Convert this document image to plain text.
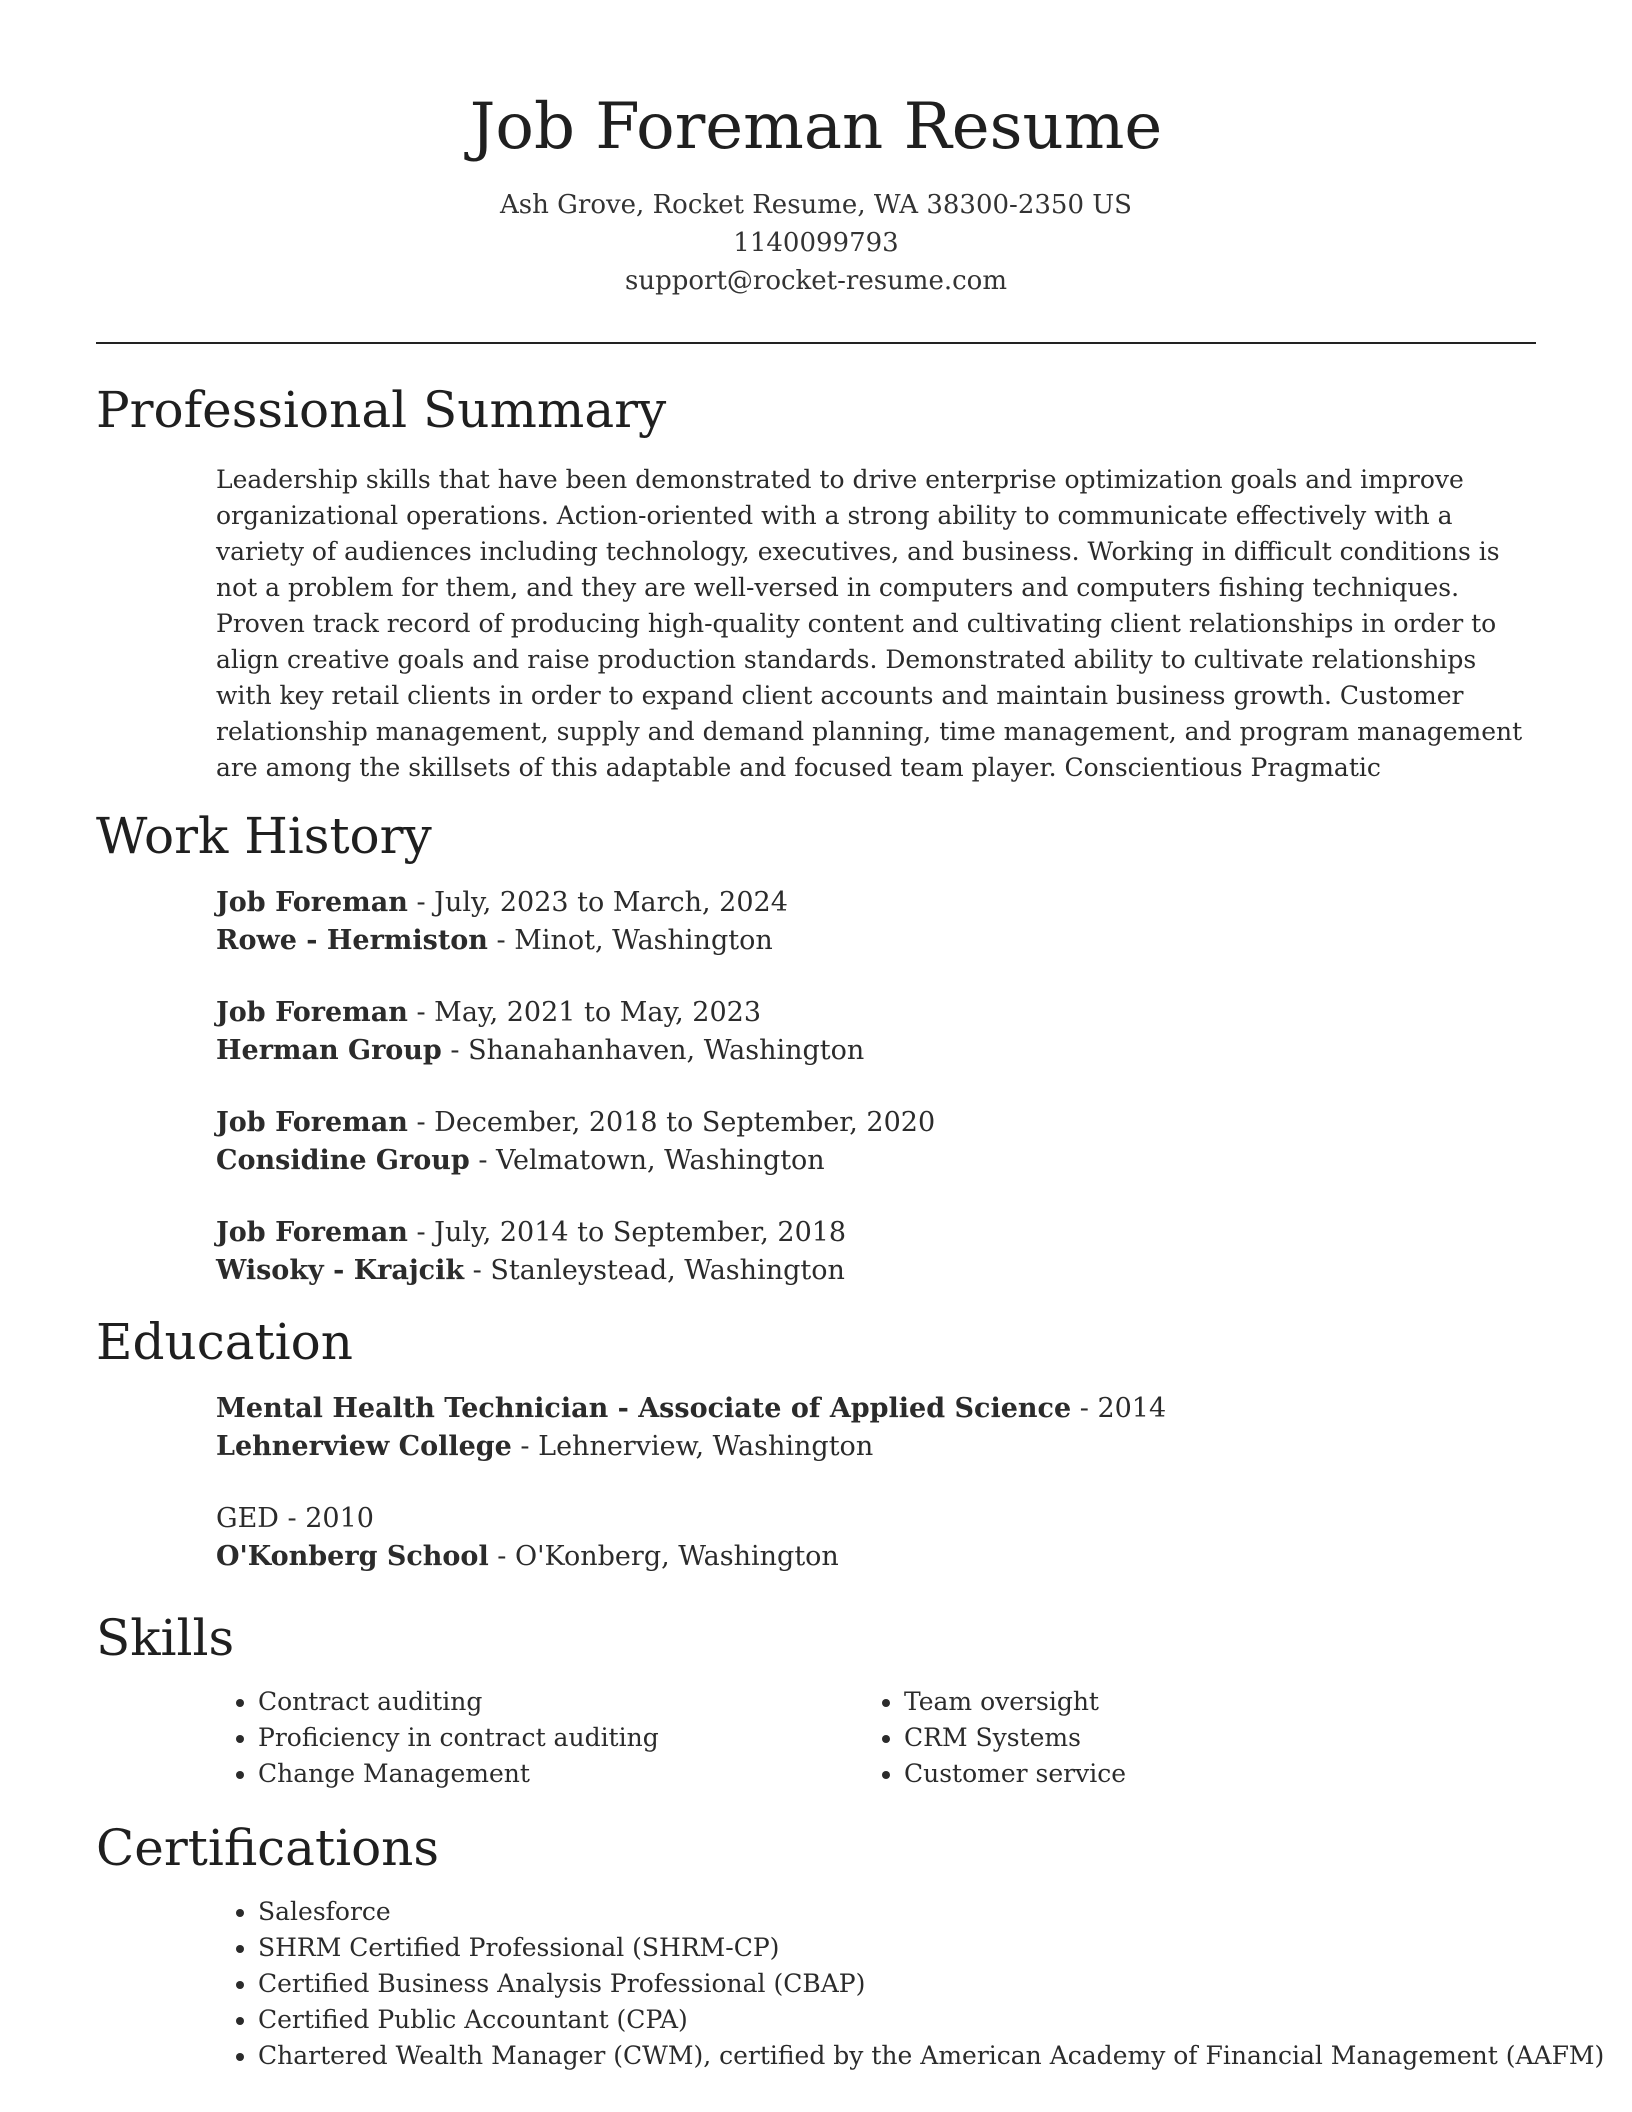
Job Foreman Resume
Ash Grove, Rocket Resume, WA 38300-2350 US
1140099793
support@rocket-resume.com
Professional Summary

Leadership skills that have been demonstrated to drive enterprise optimization goals and improve organizational operations. Action-oriented with a strong ability to communicate effectively with a variety of audiences including technology, executives, and business. Working in difficult conditions is not a problem for them, and they are well-versed in computers and computers fishing techniques. Proven track record of producing high-quality content and cultivating client relationships in order to align creative goals and raise production standards. Demonstrated ability to cultivate relationships with key retail clients in order to expand client accounts and maintain business growth. Customer relationship management, supply and demand planning, time management, and program management are among the skillsets of this adaptable and focused team player. Conscientious Pragmatic

Work History
Job Foreman - July, 2023 to March, 2024
Rowe - Hermiston - Minot, Washington
Job Foreman - May, 2021 to May, 2023
Herman Group - Shanahanhaven, Washington
Job Foreman - December, 2018 to September, 2020
Considine Group - Velmatown, Washington
Job Foreman - July, 2014 to September, 2018
Wisoky - Krajcik - Stanleystead, Washington
Education
Mental Health Technician - Associate of Applied Science - 2014
Lehnerview College - Lehnerview, Washington
GED - 2010
O'Konberg School - O'Konberg, Washington
Skills
• Contract auditing
• Proficiency in contract auditing
• Change Management
• Team oversight
• CRM Systems
• Customer service
Certifications
• Salesforce
• SHRM Certified Professional (SHRM-CP)
• Certified Business Analysis Professional (CBAP)
• Certified Public Accountant (CPA)
• Chartered Wealth Manager (CWM), certified by the American Academy of Financial Management (AAFM)
